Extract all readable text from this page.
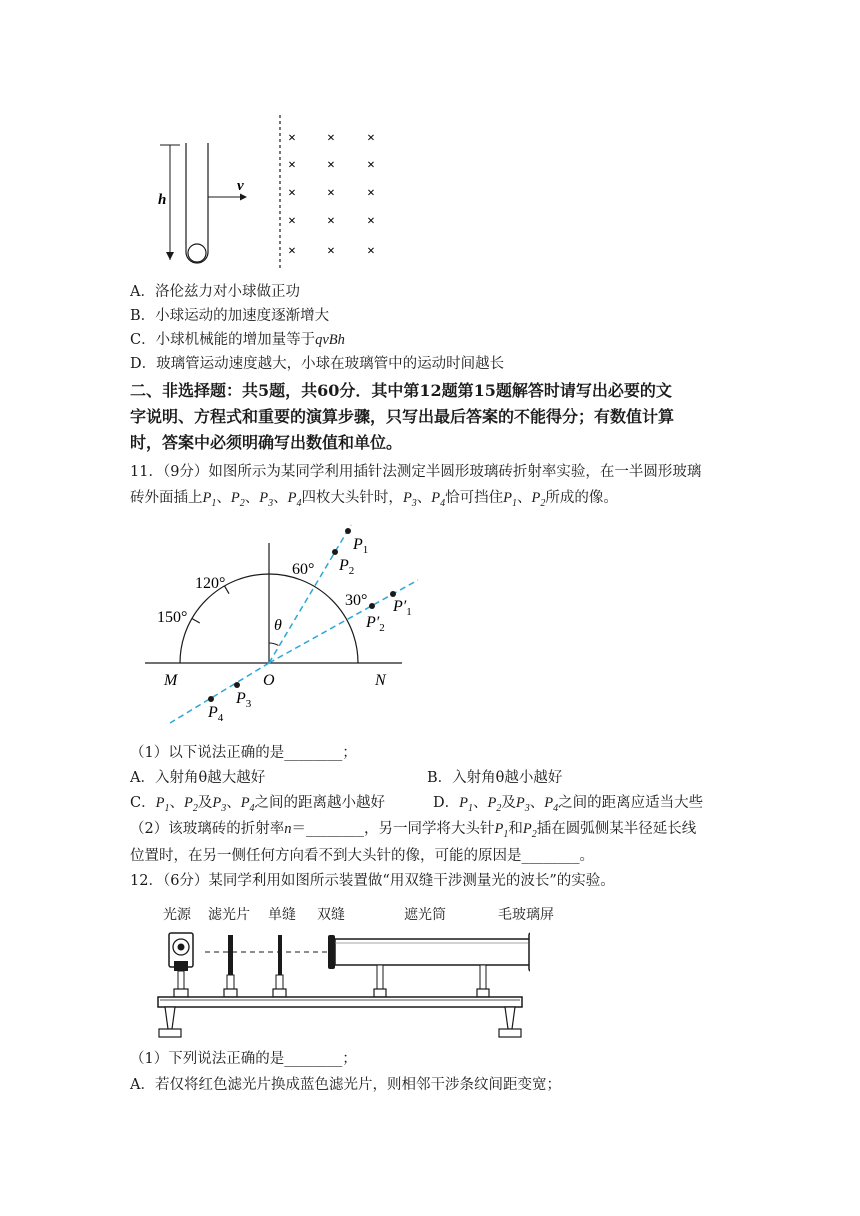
h
v
× × ×
× × ×
× × ×
× × ×
× × ×
A．洛伦兹力对小球做正功
B．小球运动的加速度逐渐增大
C．小球机械能的增加量等于qvBh
D．玻璃管运动速度越大，小球在玻璃管中的运动时间越长
二、非选择题：共5题，共60分．其中第12题第15题解答时请写出必要的文
字说明、方程式和重要的演算步骤，只写出最后答案的不能得分；有数值计算
时，答案中必须明确写出数值和单位。
11．（9分）如图所示为某同学利用插针法测定半圆形玻璃砖折射率实验，在一半圆形玻璃
砖外面插上$P_1$、$P_2$、$P_3$、$P_4$四枚大头针时，$P_3$、$P_4$恰可挡住$P_1$、$P_2$所成的像。
120°
150°
60°
30°
θ
M	O	N
$P_1$
$P_2$
$P'_1$
$P'_2$
$P_3$
$P_4$
（1）以下说法正确的是________；
A．入射角θ越大越好	B．入射角θ越小越好
C．$P_1$、$P_2$及$P_3$、$P_4$之间的距离越小越好	D．$P_1$、$P_2$及$P_3$、$P_4$之间的距离应适当大些
（2）该玻璃砖的折射率n＝________，另一同学将大头针$P_1$和$P_2$插在圆弧侧某半径延长线
位置时，在另一侧任何方向看不到大头针的像，可能的原因是________。
12．（6分）某同学利用如图所示装置做“用双缝干涉测量光的波长”的实验。
光源 滤光片 单缝 双缝	遮光筒	毛玻璃屏
（1）下列说法正确的是________；
A．若仅将红色滤光片换成蓝色滤光片，则相邻干涉条纹间距变宽；
